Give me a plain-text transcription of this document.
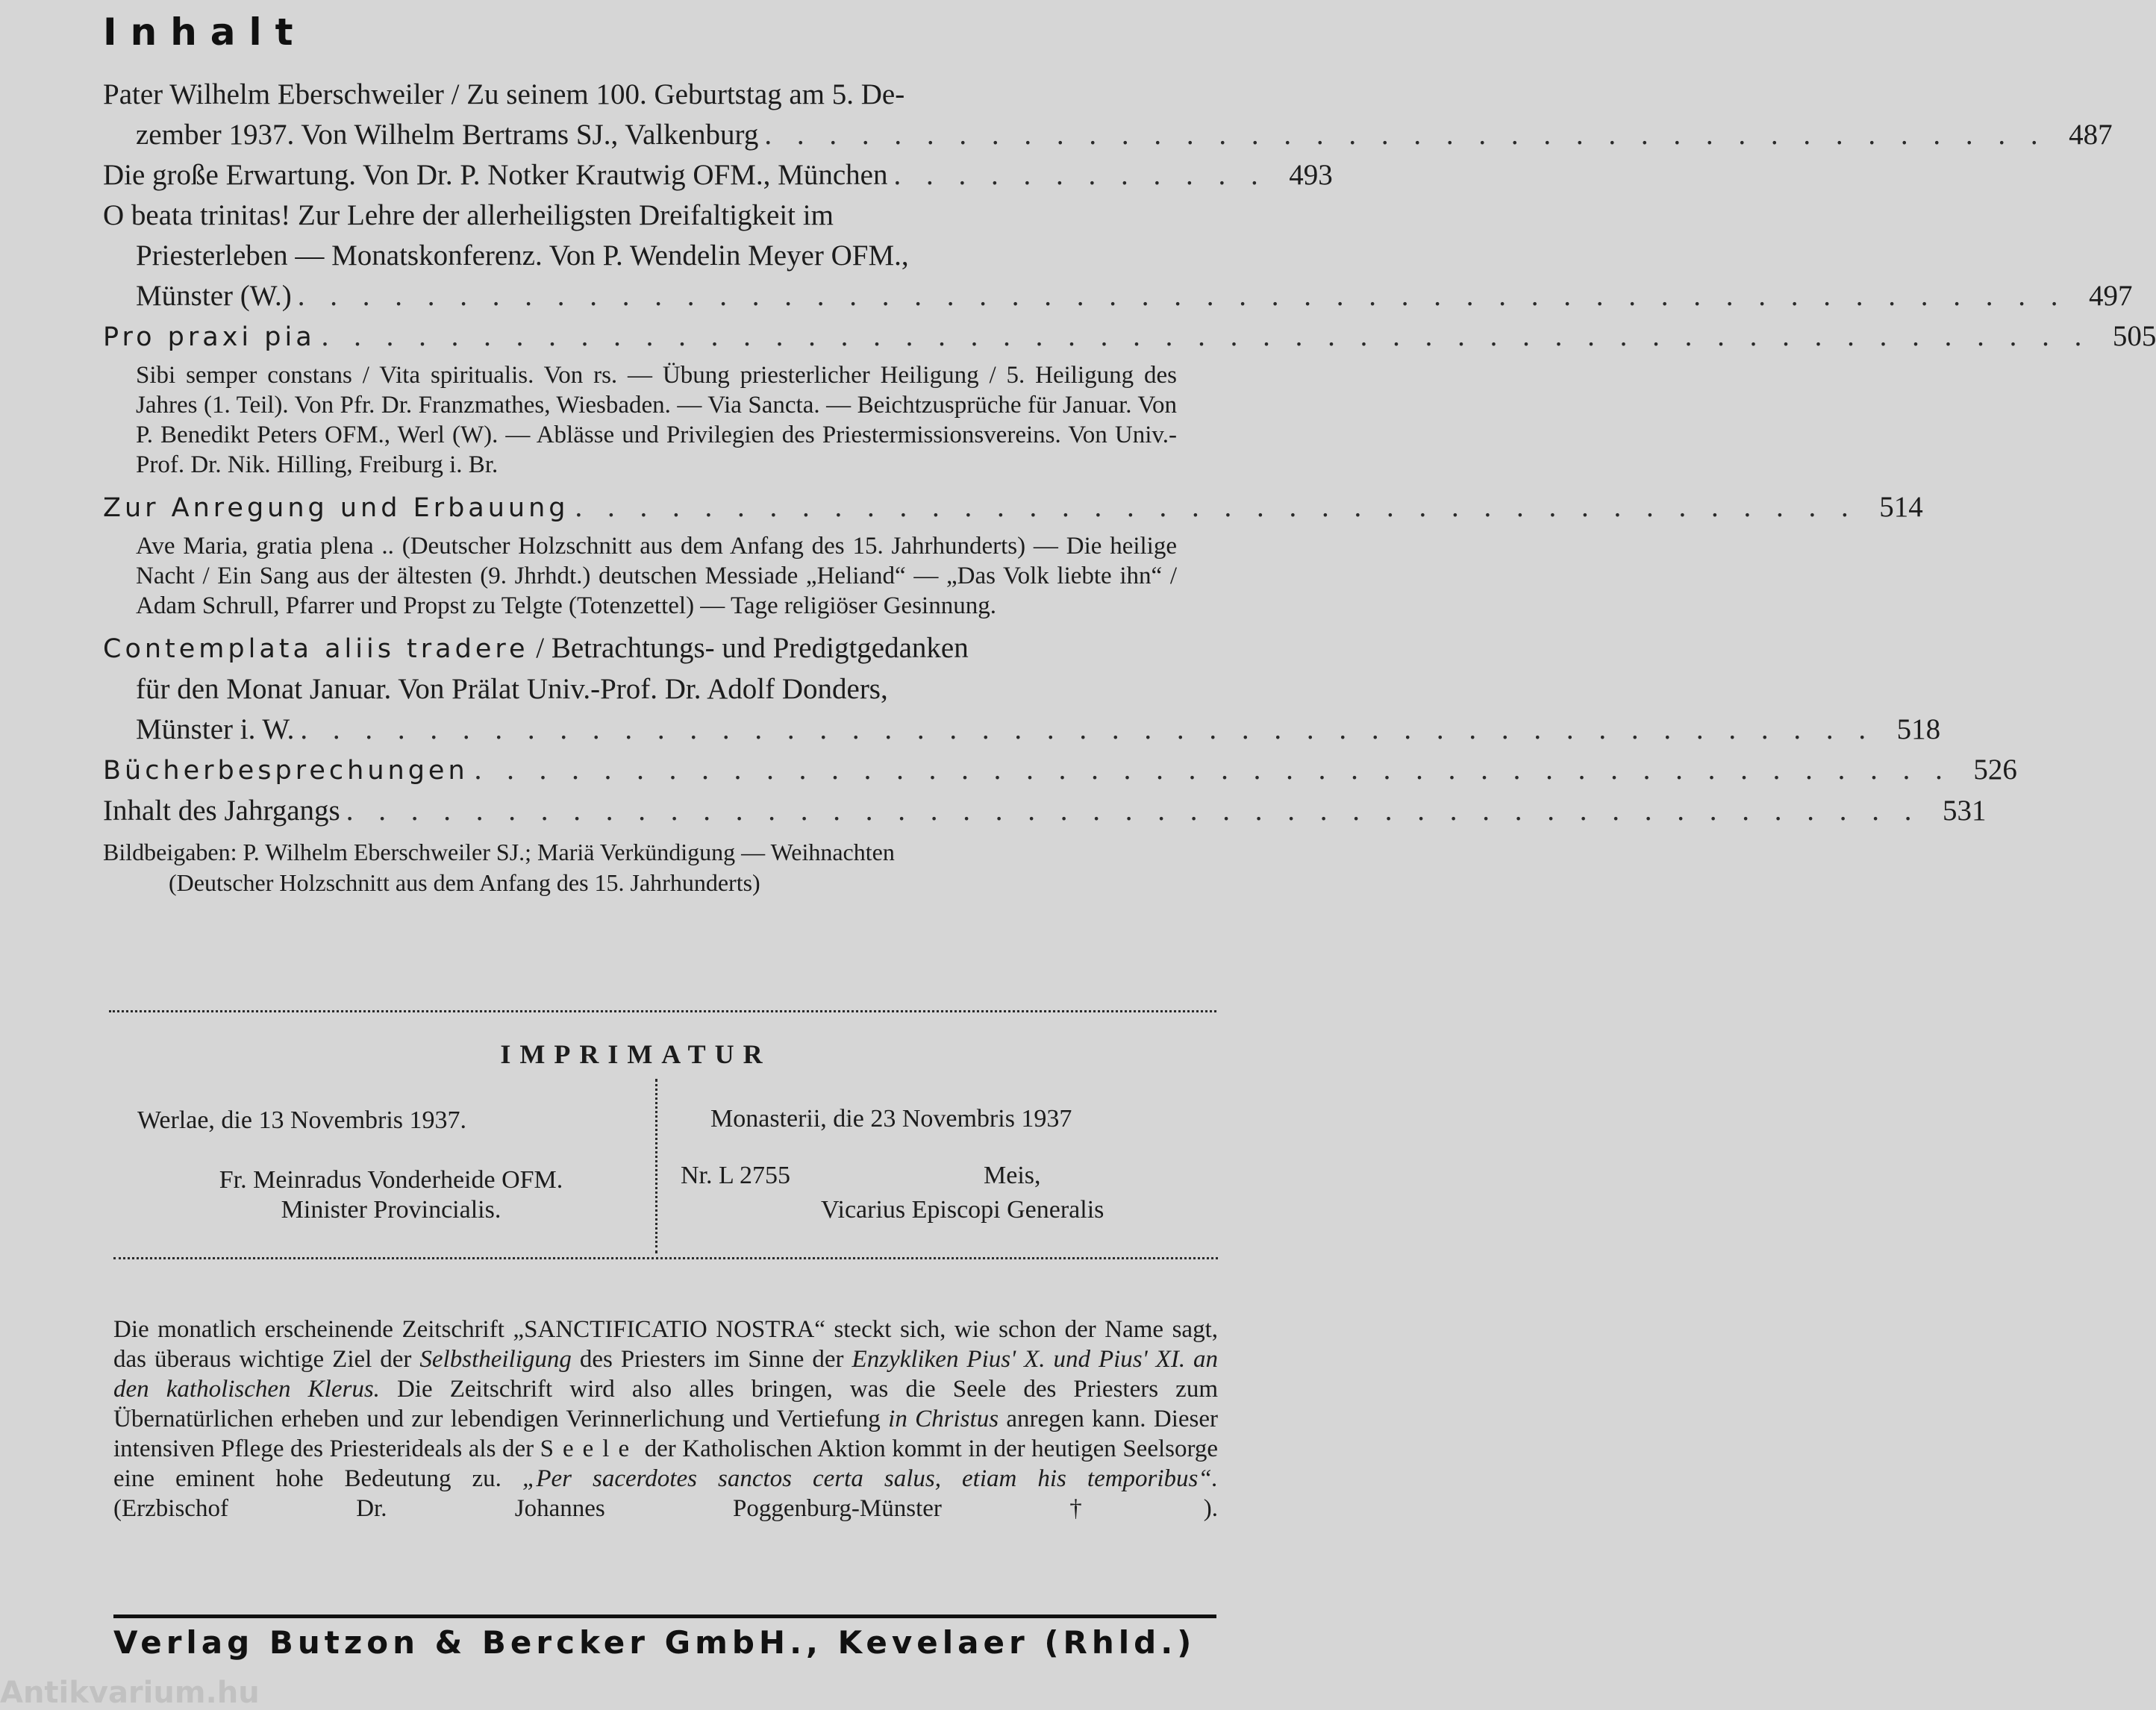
Inhalt
Pater Wilhelm Eberschweiler / Zu seinem 100. Geburtstag am 5. De-
zember 1937. Von Wilhelm Bertrams SJ., Valkenburg . . . . . . . . . . . . . . . . . . . . . . . . . . . . . . . . . . . . . . . . 487
Die große Erwartung. Von Dr. P. Notker Krautwig OFM., München . . . . . . . . . . . . 493
O beata trinitas! Zur Lehre der allerheiligsten Dreifaltigkeit im
Priesterleben — Monatskonferenz. Von P. Wendelin Meyer OFM.,
Münster (W.) . . . . . . . . . . . . . . . . . . . . . . . . . . . . . . . . . . . . . . . . . . . . . . . . . . . . . . . 497
Pro praxi pia . . . . . . . . . . . . . . . . . . . . . . . . . . . . . . . . . . . . . . . . . . . . . . . . . . . . . . . 505
Sibi semper constans / Vita spiritualis. Von rs. — Übung priesterlicher Heiligung / 5. Heiligung des Jahres (1. Teil). Von Pfr. Dr. Franzmathes, Wiesbaden. — Via Sancta. — Beichtzusprüche für Januar. Von P. Benedikt Peters OFM., Werl (W). — Ablässe und Privilegien des Priestermissionsvereins. Von Univ.-Prof. Dr. Nik. Hilling, Freiburg i. Br.
Zur Anregung und Erbauung . . . . . . . . . . . . . . . . . . . . . . . . . . . . . . . . . . . . . . . . 514
Ave Maria, gratia plena .. (Deutscher Holzschnitt aus dem Anfang des 15. Jahrhunderts) — Die heilige Nacht / Ein Sang aus der ältesten (9. Jhrhdt.) deutschen Messiade „Heliand“ — „Das Volk liebte ihn“ / Adam Schrull, Pfarrer und Propst zu Telgte (Totenzettel) — Tage religiöser Gesinnung.
Contemplata aliis tradere / Betrachtungs- und Predigtgedanken
für den Monat Januar. Von Prälat Univ.-Prof. Dr. Adolf Donders,
Münster i. W. . . . . . . . . . . . . . . . . . . . . . . . . . . . . . . . . . . . . . . . . . . . . . . . . . 518
Bücherbesprechungen . . . . . . . . . . . . . . . . . . . . . . . . . . . . . . . . . . . . . . . . . . . . . . 526
Inhalt des Jahrgangs . . . . . . . . . . . . . . . . . . . . . . . . . . . . . . . . . . . . . . . . . . . . . . . . . 531
Bildbeigaben: P. Wilhelm Eberschweiler SJ.; Mariä Verkündigung — Weihnachten
(Deutscher Holzschnitt aus dem Anfang des 15. Jahrhunderts)
IMPRIMATUR
Werlae, die 13 Novembris 1937.
Fr. Meinradus Vonderheide OFM.
Minister Provincialis.
Monasterii, die 23 Novembris 1937
Nr. L 2755	Meis,
Vicarius Episcopi Generalis

Die monatlich erscheinende Zeitschrift „SANCTIFICATIO NOSTRA“ steckt sich, wie schon der Name sagt, das überaus wichtige Ziel der Selbstheiligung des Priesters im Sinne der Enzykliken Pius' X. und Pius' XI. an den katholischen Klerus. Die Zeitschrift wird also alles bringen, was die Seele des Priesters zum Übernatürlichen erheben und zur lebendigen Verinnerlichung und Vertiefung in Christus anregen kann. Dieser intensiven Pflege des Priesterideals als der Seele der Katholischen Aktion kommt in der heutigen Seelsorge eine eminent hohe Bedeutung zu. „Per sacerdotes sanctos certa salus, etiam his temporibus“.

(Erzbischof Dr. Johannes Poggenburg-Münster †).
Verlag Butzon & Bercker GmbH., Kevelaer (Rhld.)
Antikvarium.hu
